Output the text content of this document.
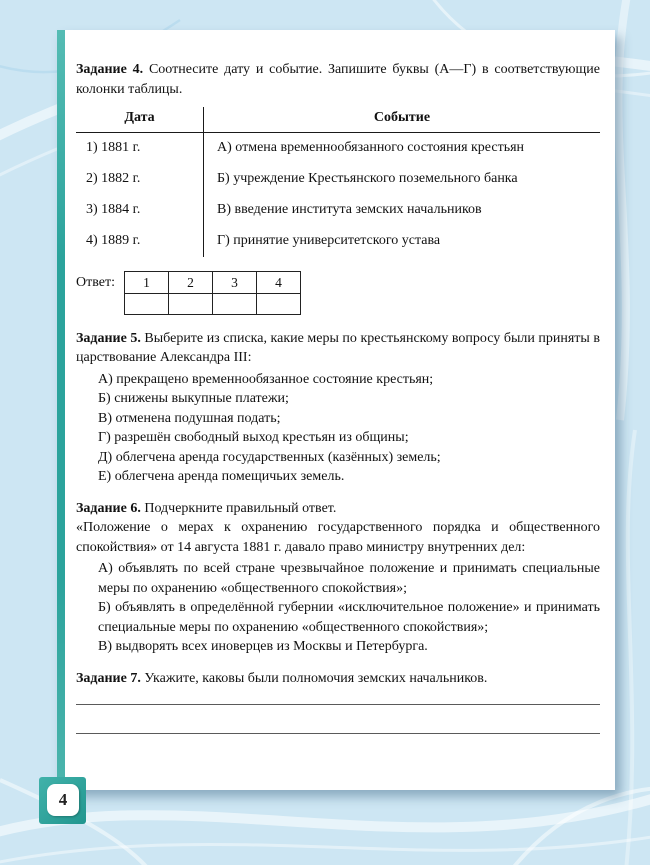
Задание 4. Соотнесите дату и событие. Запишите буквы (А—Г) в соответствующие колонки таблицы.

Дата	Событие
1) 1881 г.	А) отмена временнообязанного состояния крестьян
2) 1882 г.	Б) учреждение Крестьянского поземельного банка
3) 1884 г.	В) введение института земских начальников
4) 1889 г.	Г) принятие университетского устава
Ответ: 1	2	3	4

Задание 5. Выберите из списка, какие меры по крестьянскому вопросу были приняты в царствование Александра III:

А) прекращено временнообязанное состояние крестьян;
Б) снижены выкупные платежи;
В) отменена подушная подать;
Г) разрешён свободный выход крестьян из общины;
Д) облегчена аренда государственных (казённых) земель;
Е) облегчена аренда помещичьих земель.

Задание 6. Подчеркните правильный ответ.

«Положение о мерах к охранению государственного порядка и общественного спокойствия» от 14 августа 1881 г. давало право министру внутренних дел:

А) объявлять по всей стране чрезвычайное положение и принимать специальные меры по охранению «общественного спокойствия»;
Б) объявлять в определённой губернии «исключительное положение» и принимать специальные меры по охранению «общественного спокойствия»;
В) выдворять всех иноверцев из Москвы и Петербурга.

Задание 7. Укажите, каковы были полномочия земских начальников.

4
